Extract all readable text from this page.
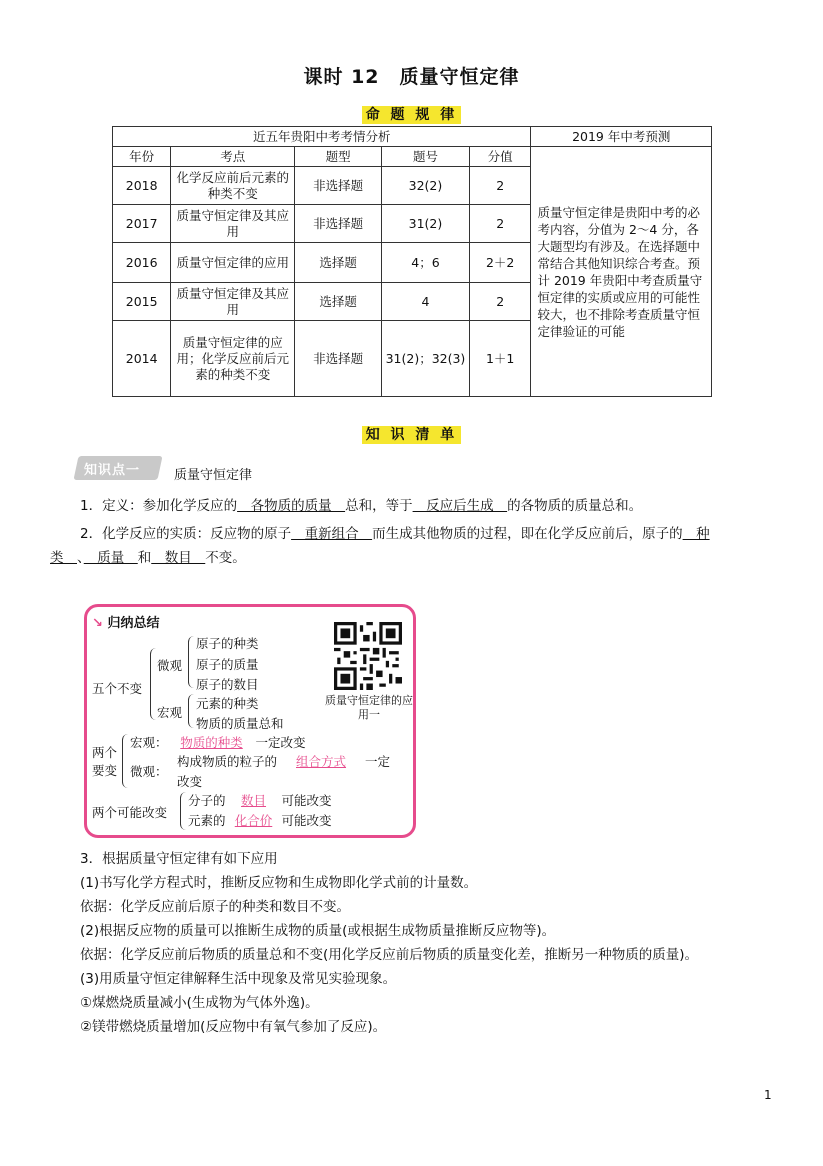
课时 12　质量守恒定律
命 题 规 律
近五年贵阳中考考情分析					2019 年中考预测
年份	考点	题型	题号	分值	质量守恒定律是贵阳中考的必考内容，分值为 2～4 分，各大题型均有涉及。在选择题中常结合其他知识综合考查。预计 2019 年贵阳中考查质量守恒定律的实质或应用的可能性较大，也不排除考查质量守恒定律验证的可能
2018	化学反应前后元素的种类不变	非选择题	32(2)	2	
2017	质量守恒定律及其应用	非选择题	31(2)	2	
2016	质量守恒定律的应用	选择题	4；6	2＋2	
2015	质量守恒定律及其应用	选择题	4	2	
2014	质量守恒定律的应用；化学反应前后元素的种类不变	非选择题	31(2)；32(3)	1＋1	
知 识 清 单
知识点一	质量守恒定律
1．定义：参加化学反应的　各物质的质量　总和，等于　反应后生成　的各物质的质量总和。
2．化学反应的实质：反应物的原子　重新组合　而生成其他物质的过程，即在化学反应前后，原子的　种
类　、　质量　和　数目　不变。
↘ 归纳总结
五个不变
微观
宏观
原子的种类
原子的质量
原子的数目
元素的种类
物质的质量总和
两个要变
宏观： 物质的种类 一定改变
微观：
构成物质的粒子的 组合方式 一定
改变
两个可能改变
分子的 数目 可能改变
元素的 化合价 可能改变
质量守恒定律的应用一
3．根据质量守恒定律有如下应用
(1)书写化学方程式时，推断反应物和生成物即化学式前的计量数。
依据：化学反应前后原子的种类和数目不变。
(2)根据反应物的质量可以推断生成物的质量(或根据生成物质量推断反应物等)。
依据：化学反应前后物质的质量总和不变(用化学反应前后物质的质量变化差，推断另一种物质的质量)。
(3)用质量守恒定律解释生活中现象及常见实验现象。
①煤燃烧质量减小(生成物为气体外逸)。
②镁带燃烧质量增加(反应物中有氧气参加了反应)。
1
